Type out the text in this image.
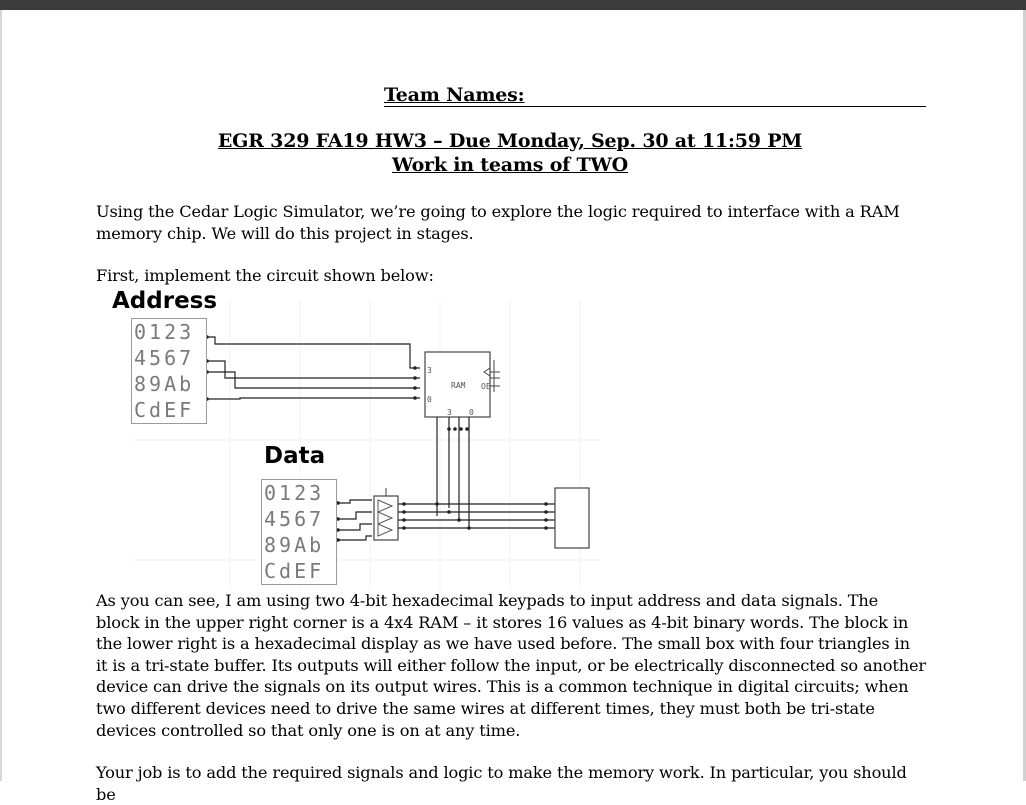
Team Names:
EGR 329 FA19 HW3 – Due Monday, Sep. 30 at 11:59 PM
Work in teams of TWO
Using the Cedar Logic Simulator, we’re going to explore the logic required to interface with a RAM memory chip. We will do this project in stages.
First, implement the circuit shown below:
RAM
3
0
3 0
OE
Address
0123
4567
89Ab
CdEF
Data
0123
4567
89Ab
CdEF
As you can see, I am using two 4-bit hexadecimal keypads to input address and data signals. The block in the upper right corner is a 4x4 RAM – it stores 16 values as 4-bit binary words. The block in the lower right is a hexadecimal display as we have used before. The small box with four triangles in it is a tri-state buffer. Its outputs will either follow the input, or be electrically disconnected so another device can drive the signals on its output wires. This is a common technique in digital circuits; when two different devices need to drive the same wires at different times, they must both be tri-state devices controlled so that only one is on at any time.
Your job is to add the required signals and logic to make the memory work. In particular, you should be
